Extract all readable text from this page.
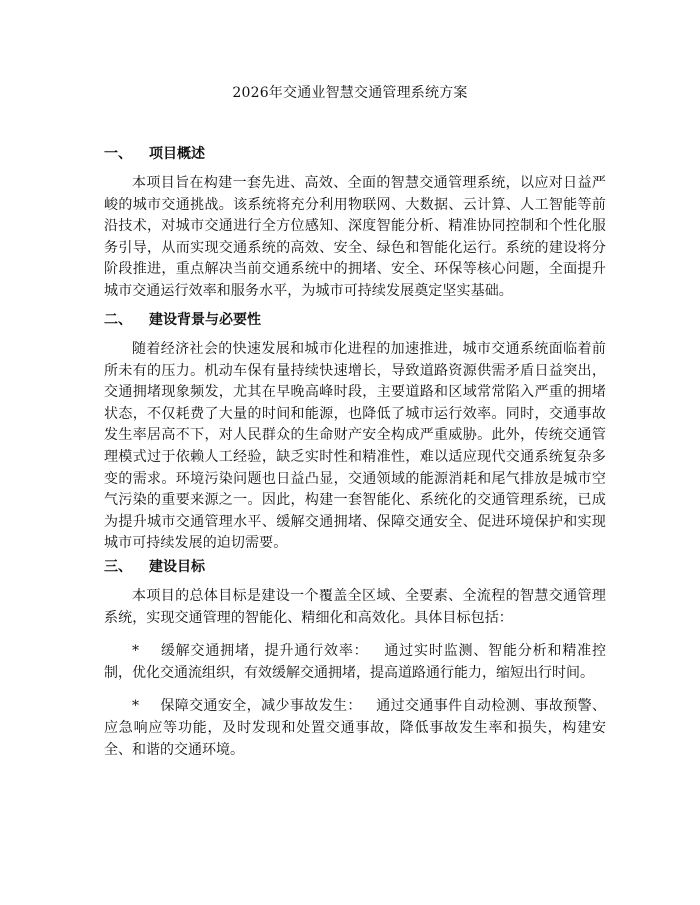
2026年交通业智慧交通管理系统方案
一、	项目概述

本项目旨在构建一套先进、高效、全面的智慧交通管理系统，以应对日益严峻的城市交通挑战。该系统将充分利用物联网、大数据、云计算、人工智能等前沿技术，对城市交通进行全方位感知、深度智能分析、精准协同控制和个性化服务引导，从而实现交通系统的高效、安全、绿色和智能化运行。系统的建设将分阶段推进，重点解决当前交通系统中的拥堵、安全、环保等核心问题，全面提升城市交通运行效率和服务水平，为城市可持续发展奠定坚实基础。

二、	建设背景与必要性

随着经济社会的快速发展和城市化进程的加速推进，城市交通系统面临着前所未有的压力。机动车保有量持续快速增长，导致道路资源供需矛盾日益突出，交通拥堵现象频发，尤其在早晚高峰时段，主要道路和区域常常陷入严重的拥堵状态，不仅耗费了大量的时间和能源，也降低了城市运行效率。同时，交通事故发生率居高不下，对人民群众的生命财产安全构成严重威胁。此外，传统交通管理模式过于依赖人工经验，缺乏实时性和精准性，难以适应现代交通系统复杂多变的需求。环境污染问题也日益凸显，交通领域的能源消耗和尾气排放是城市空气污染的重要来源之一。因此，构建一套智能化、系统化的交通管理系统，已成为提升城市交通管理水平、缓解交通拥堵、保障交通安全、促进环境保护和实现城市可持续发展的迫切需要。

三、	建设目标

本项目的总体目标是建设一个覆盖全区域、全要素、全流程的智慧交通管理系统，实现交通管理的智能化、精细化和高效化。具体目标包括：

* 缓解交通拥堵，提升通行效率： 通过实时监测、智能分析和精准控制，优化交通流组织，有效缓解交通拥堵，提高道路通行能力，缩短出行时间。

* 保障交通安全，减少事故发生： 通过交通事件自动检测、事故预警、应急响应等功能，及时发现和处置交通事故，降低事故发生率和损失，构建安全、和谐的交通环境。
